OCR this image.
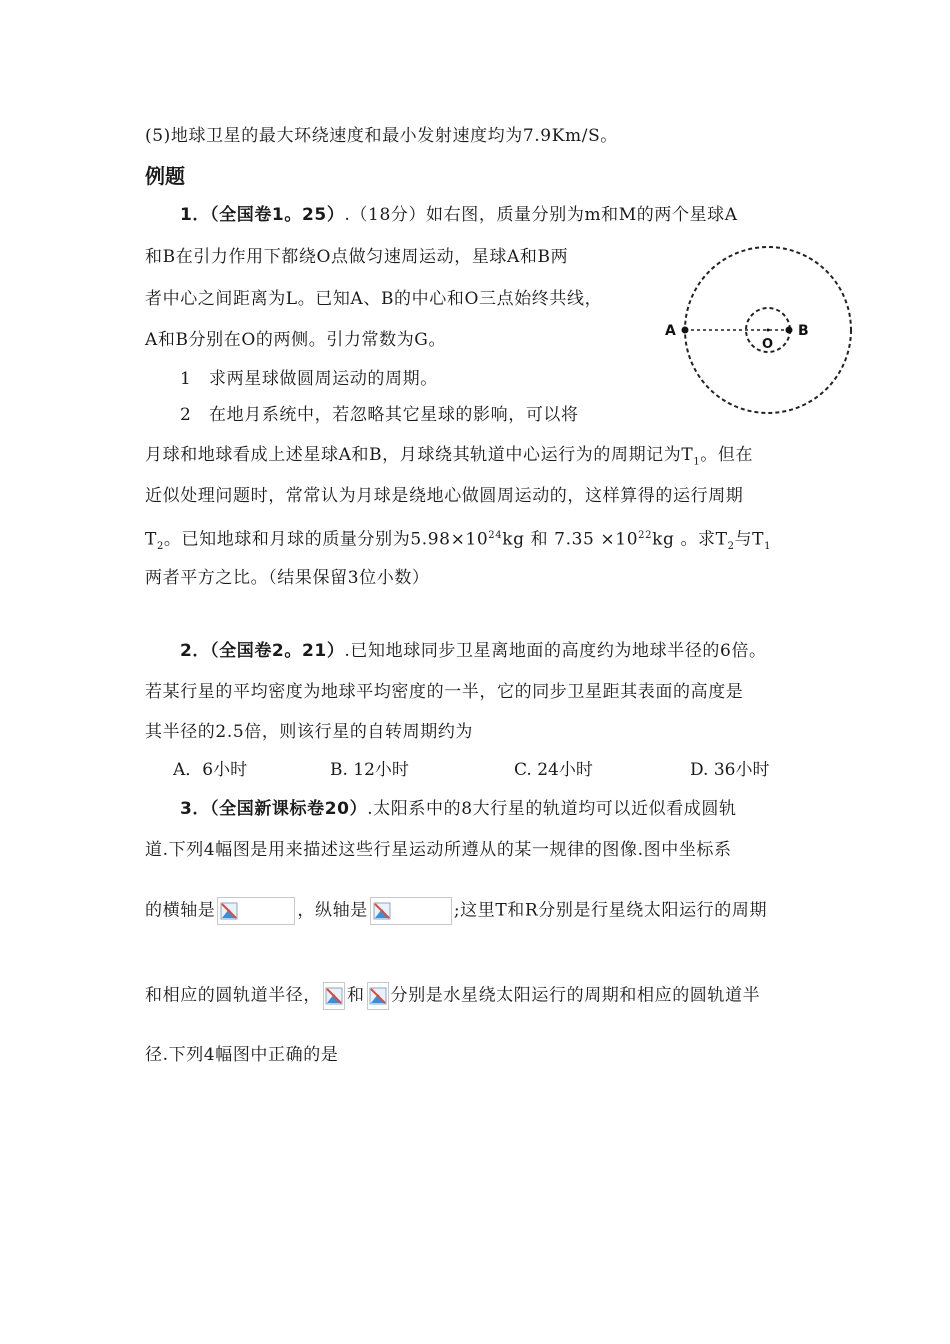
(5)地球卫星的最大环绕速度和最小发射速度均为7.9Km/S。
例题
1．（全国卷1。25）.（18分）如右图，质量分别为m和M的两个星球A
和B在引力作用下都绕O点做匀速周运动，星球A和B两
者中心之间距离为L。已知A、B的中心和O三点始终共线，
A和B分别在O的两侧。引力常数为G。
1　求两星球做圆周运动的周期。
2　在地月系统中，若忽略其它星球的影响，可以将
月球和地球看成上述星球A和B，月球绕其轨道中心运行为的周期记为$T_1$。但在
近似处理问题时，常常认为月球是绕地心做圆周运动的，这样算得的运行周期
$T_2$。已知地球和月球的质量分别为$5.98\times 10^{24}kg$ 和 $7.35 \times 10^{22}kg$ 。求$T_2$与$T_1$
两者平方之比。（结果保留3位小数）
A	B
O
2．（全国卷2。21）.已知地球同步卫星离地面的高度约为地球半径的6倍。
若某行星的平均密度为地球平均密度的一半，它的同步卫星距其表面的高度是
其半径的2.5倍，则该行星的自转周期约为
A．6小时	B. 12小时	C. 24小时	D. 36小时
3．（全国新课标卷20）.太阳系中的8大行星的轨道均可以近似看成圆轨
道.下列4幅图是用来描述这些行星运动所遵从的某一规律的图像.图中坐标系
的横轴是	，纵轴是	;这里T和R分别是行星绕太阳运行的周期
和相应的圆轨道半径， 和 分别是水星绕太阳运行的周期和相应的圆轨道半
径.下列4幅图中正确的是
